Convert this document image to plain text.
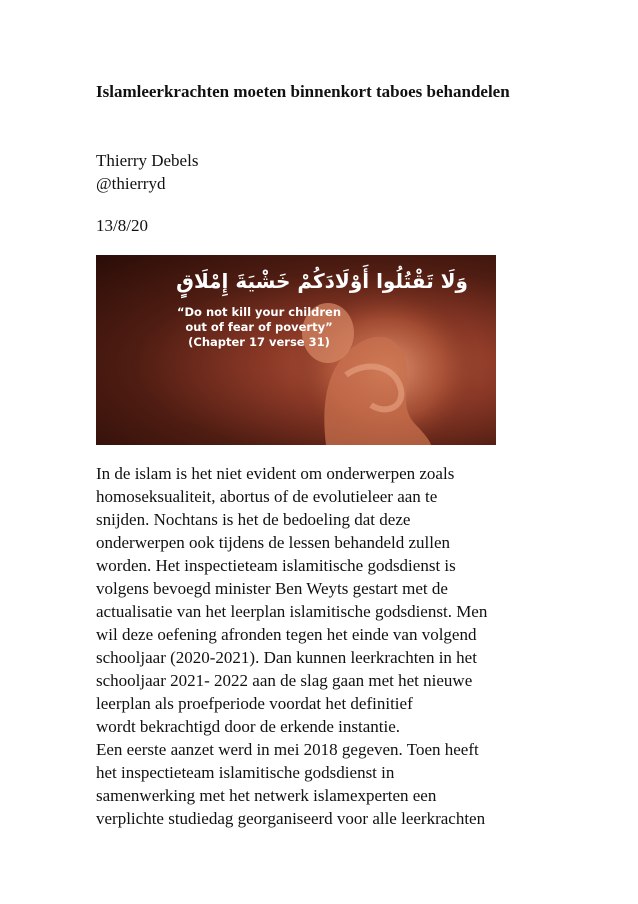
Islamleerkrachten moeten binnenkort taboes behandelen
Thierry Debels
@thierryd
13/8/20
وَلَا تَقْتُلُوا أَوْلَادَكُمْ خَشْيَةَ إِمْلَاقٍ
“Do not kill your children
out of fear of poverty”
(Chapter 17 verse 31)
In de islam is het niet evident om onderwerpen zoals
homoseksualiteit, abortus of de evolutieleer aan te
snijden. Nochtans is het de bedoeling dat deze
onderwerpen ook tijdens de lessen behandeld zullen
worden. Het inspectieteam islamitische godsdienst is
volgens bevoegd minister Ben Weyts gestart met de
actualisatie van het leerplan islamitische godsdienst. Men
wil deze oefening afronden tegen het einde van volgend
schooljaar (2020-2021). Dan kunnen leerkrachten in het
schooljaar 2021- 2022 aan de slag gaan met het nieuwe
leerplan als proefperiode voordat het definitief
wordt bekrachtigd door de erkende instantie.
Een eerste aanzet werd in mei 2018 gegeven. Toen heeft
het inspectieteam islamitische godsdienst in
samenwerking met het netwerk islamexperten een
verplichte studiedag georganiseerd voor alle leerkrachten
